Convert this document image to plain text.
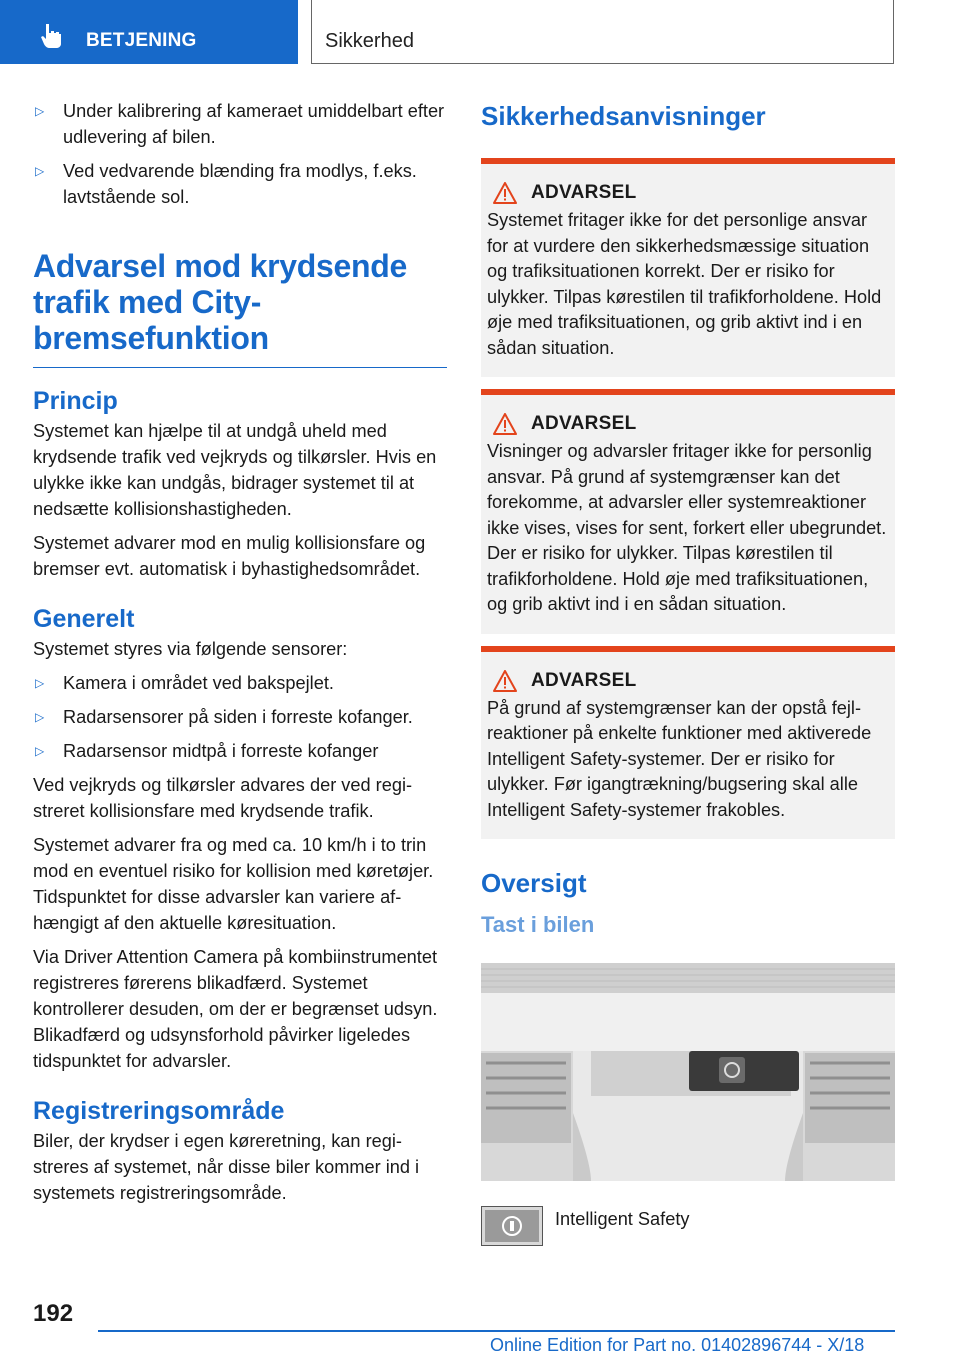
BETJENING	Sikkerhed
▷	Under kalibrering af kameraet umiddelbart efter udlevering af bilen.
▷	Ved vedvarende blænding fra modlys, f.eks. lavtstående sol.
Advarsel mod krydsende trafik med City-bremsefunktion
Princip

Systemet kan hjælpe til at undgå uheld med krydsende trafik ved vejkryds og tilkørsler. Hvis en ulykke ikke kan undgås, bidrager systemet til at nedsætte kollisionshastigheden.

Systemet advarer mod en mulig kollisionsfare og bremser evt. automatisk i byhastighedsområdet.

Generelt

Systemet styres via følgende sensorer:

▷	Kamera i området ved bakspejlet.
▷	Radarsensorer på siden i forreste kofanger.
▷	Radarsensor midtpå i forreste kofanger

Ved vejkryds og tilkørsler advares der ved registreret kollisionsfare med krydsende trafik.

Systemet advarer fra og med ca. 10 km/h i to trin mod en eventuel risiko for kollision med køretøjer. Tidspunktet for disse advarsler kan variere afhængigt af den aktuelle køresituation.

Via Driver Attention Camera på kombiinstrumentet registreres førerens blikadfærd. Systemet kontrollerer desuden, om der er begrænset udsyn. Blikadfærd og udsynsforhold påvirker ligeledes tidspunktet for advarsler.

Registreringsområde

Biler, der krydser i egen køreretning, kan registreres af systemet, når disse biler kommer ind i systemets registreringsområde.

Sikkerhedsanvisninger
ADVARSEL
Systemet fritager ikke for det personlige ansvar for at vurdere den sikkerhedsmæssige situation og trafiksituationen korrekt. Der er risiko for ulykker. Tilpas kørestilen til trafikforholdene. Hold øje med trafiksituationen, og grib aktivt ind i en sådan situation.
ADVARSEL
Visninger og advarsler fritager ikke for personlig ansvar. På grund af systemgrænser kan det forekomme, at advarsler eller systemreaktioner ikke vises, vises for sent, forkert eller ubegrundet. Der er risiko for ulykker. Tilpas kørestilen til trafikforholdene. Hold øje med trafiksituationen, og grib aktivt ind i en sådan situation.
ADVARSEL
På grund af systemgrænser kan der opstå fejlreaktioner på enkelte funktioner med aktiverede Intelligent Safety-systemer. Der er risiko for ulykker. Før igangtrækning/bugsering skal alle Intelligent Safety-systemer frakobles.
Oversigt
Tast i bilen
Intelligent Safety
192
Online Edition for Part no. 01402896744 - X/18
